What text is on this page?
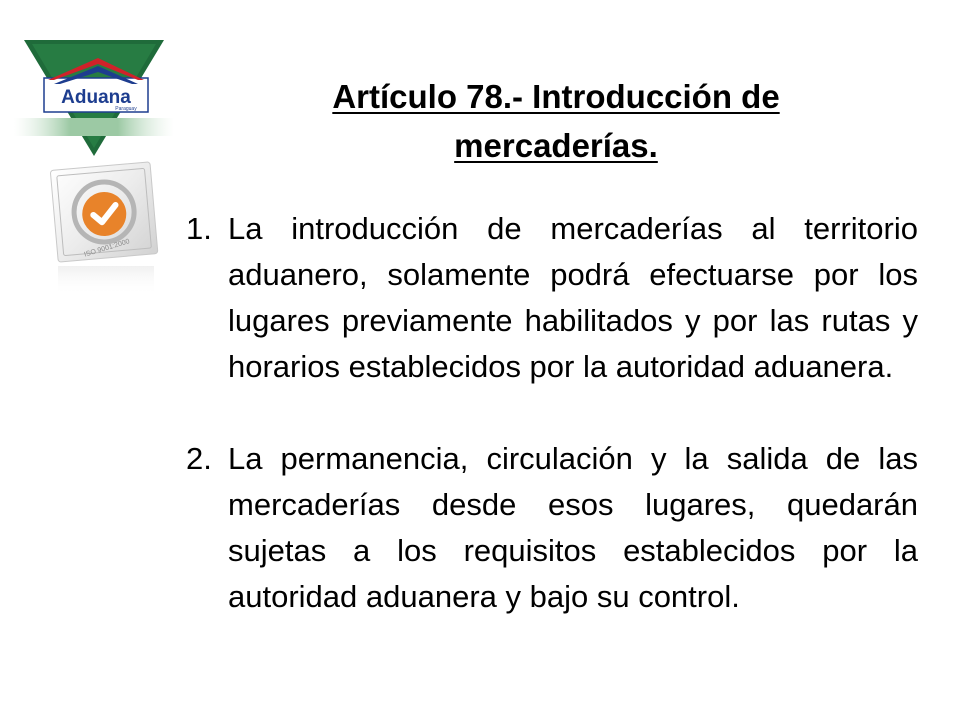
Aduana
Paraguay
ISO 9001:2000
Artículo 78.- Introducción de mercaderías.
1. La introducción de mercaderías al territorio aduanero, solamente podrá efectuarse por los lugares previamente habilitados y por las rutas y horarios establecidos por la autoridad aduanera.
2. La permanencia, circulación y la salida de las mercaderías desde esos lugares, quedarán sujetas a los requisitos establecidos por la autoridad aduanera y bajo su control.
